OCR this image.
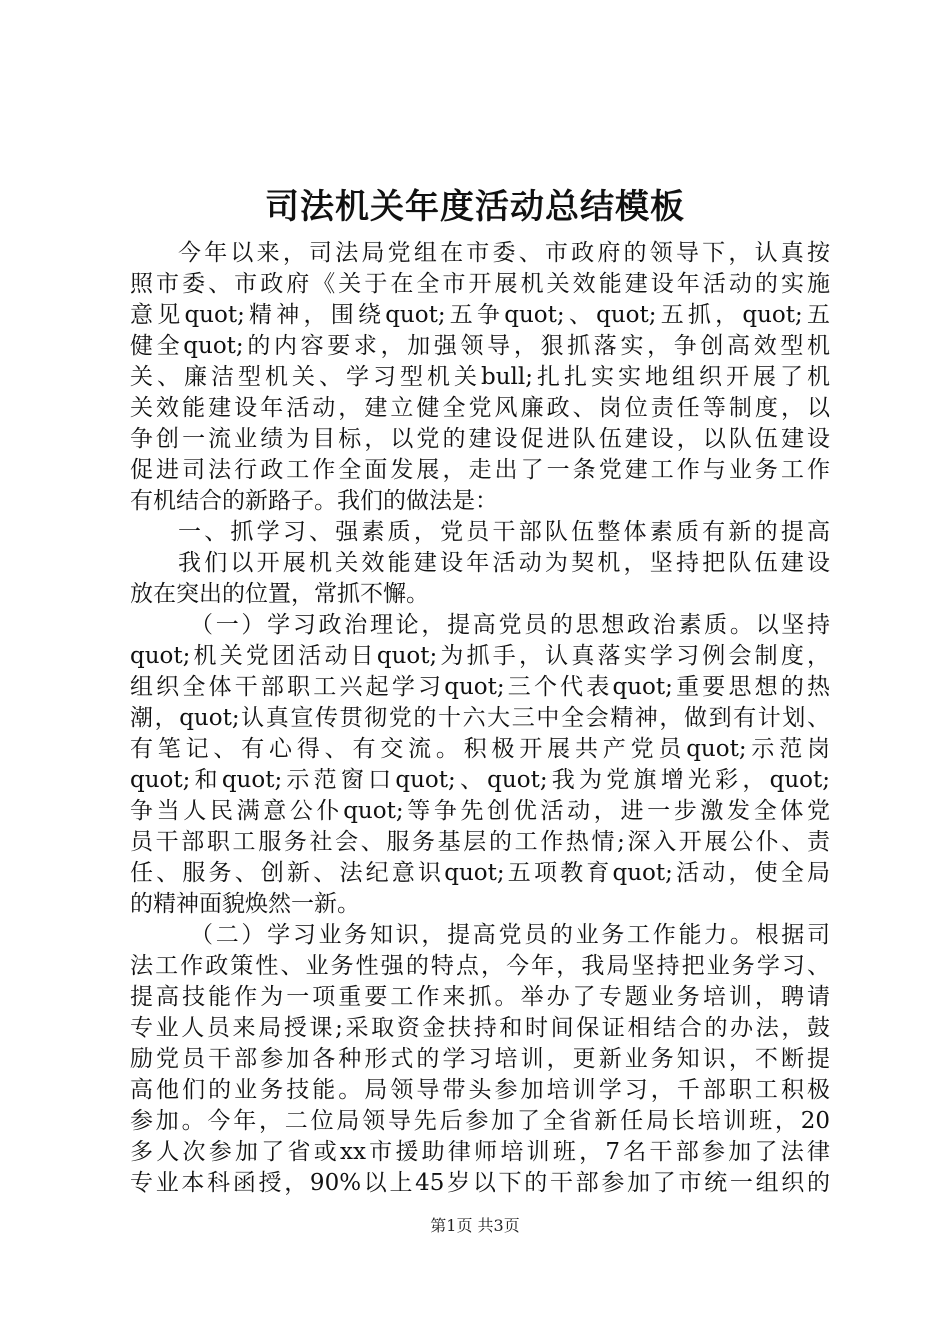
司法机关年度活动总结模板
今年以来，司法局党组在市委、市政府的领导下，认真按
照市委、市政府《关于在全市开展机关效能建设年活动的实施
意见quot;精神，围绕quot;五争quot;、quot;五抓，quot;五
健全quot;的内容要求，加强领导，狠抓落实，争创高效型机
关、廉洁型机关、学习型机关bull;扎扎实实地组织开展了机
关效能建设年活动，建立健全党风廉政、岗位责任等制度，以
争创一流业绩为目标，以党的建设促进队伍建设，以队伍建设
促进司法行政工作全面发展，走出了一条党建工作与业务工作
有机结合的新路子。我们的做法是：
一、抓学习、强素质，党员干部队伍整体素质有新的提高
我们以开展机关效能建设年活动为契机，坚持把队伍建设
放在突出的位置，常抓不懈。
（一）学习政治理论，提高党员的思想政治素质。以坚持
quot;机关党团活动日quot;为抓手，认真落实学习例会制度，
组织全体干部职工兴起学习quot;三个代表quot;重要思想的热
潮，quot;认真宣传贯彻党的十六大三中全会精神，做到有计划、
有笔记、有心得、有交流。积极开展共产党员quot;示范岗
quot;和quot;示范窗口quot;、quot;我为党旗增光彩，quot;
争当人民满意公仆quot;等争先创优活动，进一步激发全体党
员干部职工服务社会、服务基层的工作热情;深入开展公仆、责
任、服务、创新、法纪意识quot;五项教育quot;活动，使全局
的精神面貌焕然一新。
（二）学习业务知识，提高党员的业务工作能力。根据司
法工作政策性、业务性强的特点，今年，我局坚持把业务学习、
提高技能作为一项重要工作来抓。举办了专题业务培训，聘请
专业人员来局授课;采取资金扶持和时间保证相结合的办法，鼓
励党员干部参加各种形式的学习培训，更新业务知识，不断提
高他们的业务技能。局领导带头参加培训学习，千部职工积极
参加。今年，二位局领导先后参加了全省新任局长培训班，20
多人次参加了省或xx市援助律师培训班，7名干部参加了法律
专业本科函授，90%以上45岁以下的干部参加了市统一组织的
第1页 共3页
